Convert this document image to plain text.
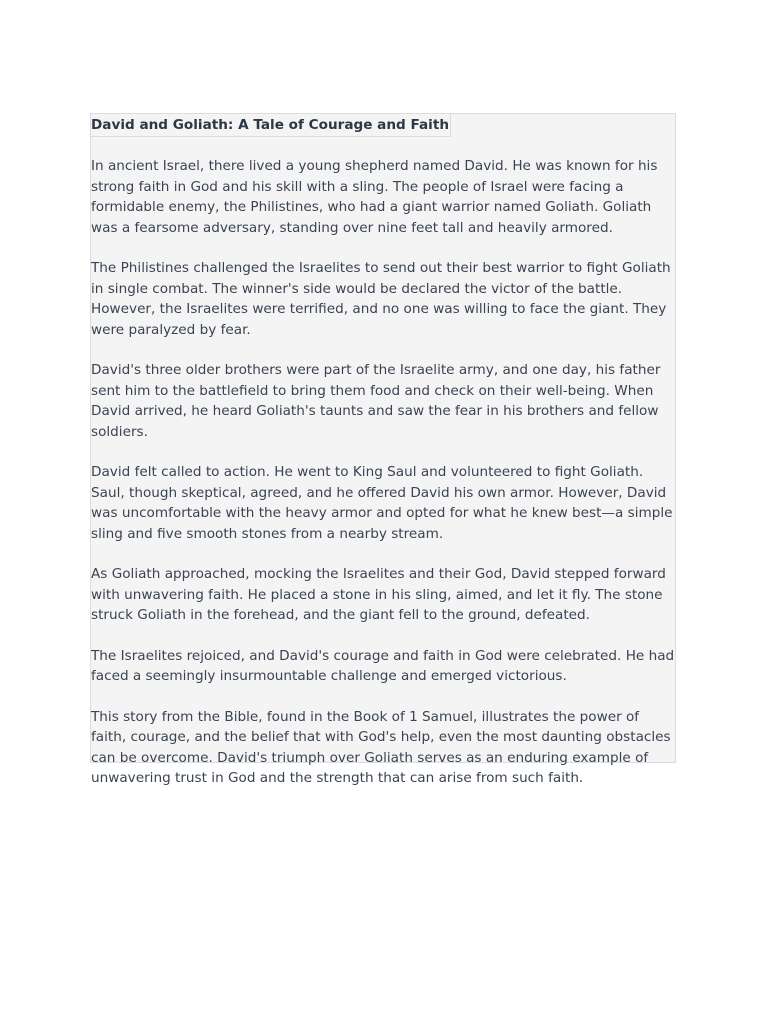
David and Goliath: A Tale of Courage and Faith

In ancient Israel, there lived a young shepherd named David. He was known for his strong faith in God and his skill with a sling. The people of Israel were facing a formidable enemy, the Philistines, who had a giant warrior named Goliath. Goliath was a fearsome adversary, standing over nine feet tall and heavily armored.

The Philistines challenged the Israelites to send out their best warrior to fight Goliath in single combat. The winner's side would be declared the victor of the battle. However, the Israelites were terrified, and no one was willing to face the giant. They were paralyzed by fear.

David's three older brothers were part of the Israelite army, and one day, his father sent him to the battlefield to bring them food and check on their well-being. When David arrived, he heard Goliath's taunts and saw the fear in his brothers and fellow soldiers.

David felt called to action. He went to King Saul and volunteered to fight Goliath. Saul, though skeptical, agreed, and he offered David his own armor. However, David was uncomfortable with the heavy armor and opted for what he knew best—a simple sling and five smooth stones from a nearby stream.

As Goliath approached, mocking the Israelites and their God, David stepped forward with unwavering faith. He placed a stone in his sling, aimed, and let it fly. The stone struck Goliath in the forehead, and the giant fell to the ground, defeated.

The Israelites rejoiced, and David's courage and faith in God were celebrated. He had faced a seemingly insurmountable challenge and emerged victorious.

This story from the Bible, found in the Book of 1 Samuel, illustrates the power of faith, courage, and the belief that with God's help, even the most daunting obstacles can be overcome. David's triumph over Goliath serves as an enduring example of unwavering trust in God and the strength that can arise from such faith.
